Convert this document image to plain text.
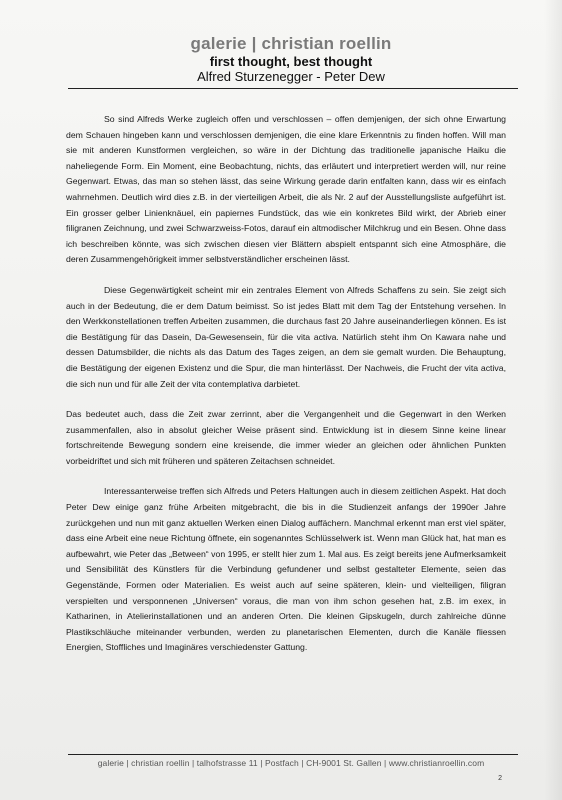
galerie | christian roellin
first thought, best thought
Alfred Sturzenegger - Peter Dew

So sind Alfreds Werke zugleich offen und verschlossen – offen demjenigen, der sich ohne Erwartung dem Schauen hingeben kann und verschlossen demjenigen, die eine klare Erkenntnis zu finden hoffen. Will man sie mit anderen Kunstformen vergleichen, so wäre in der Dichtung das traditionelle japanische Haiku die naheliegende Form. Ein Moment, eine Beobachtung, nichts, das erläutert und interpretiert werden will, nur reine Gegenwart. Etwas, das man so stehen lässt, das seine Wirkung gerade darin entfalten kann, dass wir es einfach wahrnehmen. Deutlich wird dies z.B. in der vierteiligen Arbeit, die als Nr. 2 auf der Ausstellungsliste aufgeführt ist. Ein grosser gelber Linienknäuel, ein papiernes Fundstück, das wie ein konkretes Bild wirkt, der Abrieb einer filigranen Zeichnung, und zwei Schwarzweiss-Fotos, darauf ein altmodischer Milchkrug und ein Besen. Ohne dass ich beschreiben könnte, was sich zwischen diesen vier Blättern abspielt entspannt sich eine Atmosphäre, die deren Zusammengehörigkeit immer selbstverständlicher erscheinen lässt.

Diese Gegenwärtigkeit scheint mir ein zentrales Element von Alfreds Schaffens zu sein. Sie zeigt sich auch in der Bedeutung, die er dem Datum beimisst. So ist jedes Blatt mit dem Tag der Entstehung versehen. In den Werkkonstellationen treffen Arbeiten zusammen, die durchaus fast 20 Jahre auseinanderliegen können. Es ist die Bestätigung für das Dasein, Da-Gewesensein, für die vita activa. Natürlich steht ihm On Kawara nahe und dessen Datumsbilder, die nichts als das Datum des Tages zeigen, an dem sie gemalt wurden. Die Behauptung, die Bestätigung der eigenen Existenz und die Spur, die man hinterlässt. Der Nachweis, die Frucht der vita activa, die sich nun und für alle Zeit der vita contemplativa darbietet.

Das bedeutet auch, dass die Zeit zwar zerrinnt, aber die Vergangenheit und die Gegenwart in den Werken zusammenfallen, also in absolut gleicher Weise präsent sind. Entwicklung ist in diesem Sinne keine linear fortschreitende Bewegung sondern eine kreisende, die immer wieder an gleichen oder ähnlichen Punkten vorbeidriftet und sich mit früheren und späteren Zeitachsen schneidet.

Interessanterweise treffen sich Alfreds und Peters Haltungen auch in diesem zeitlichen Aspekt. Hat doch Peter Dew einige ganz frühe Arbeiten mitgebracht, die bis in die Studienzeit anfangs der 1990er Jahre zurückgehen und nun mit ganz aktuellen Werken einen Dialog auffächern. Manchmal erkennt man erst viel später, dass eine Arbeit eine neue Richtung öffnete, ein sogenanntes Schlüsselwerk ist. Wenn man Glück hat, hat man es aufbewahrt, wie Peter das „Between“ von 1995, er stellt hier zum 1. Mal aus. Es zeigt bereits jene Aufmerksamkeit und Sensibilität des Künstlers für die Verbindung gefundener und selbst gestalteter Elemente, seien das Gegenstände, Formen oder Materialien. Es weist auch auf seine späteren, klein- und vielteiligen, filigran verspielten und versponnenen „Universen“ voraus, die man von ihm schon gesehen hat, z.B. im exex, in Katharinen, in Atelierinstallationen und an anderen Orten. Die kleinen Gipskugeln, durch zahlreiche dünne Plastikschläuche miteinander verbunden, werden zu planetarischen Elementen, durch die Kanäle fliessen Energien, Stoffliches und Imaginäres verschiedenster Gattung.

galerie | christian roellin | talhofstrasse 11 | Postfach | CH-9001 St. Gallen | www.christianroellin.com
2
